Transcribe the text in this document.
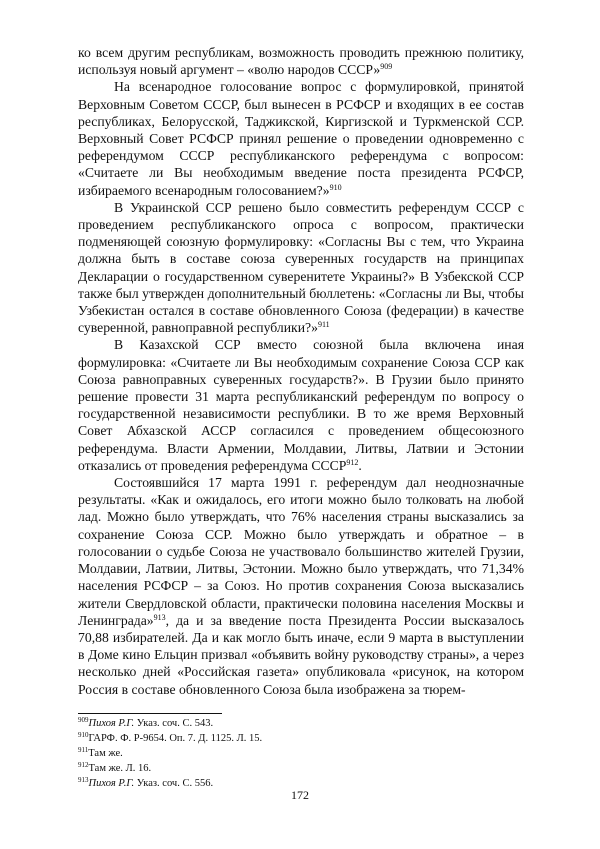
ко всем другим республикам, возможность проводить прежнюю политику, используя новый аргумент – «волю народов СССР»$^{909}$

На всенародное голосование вопрос с формулировкой, принятой Верховным Советом СССР, был вынесен в РСФСР и входящих в ее состав республиках, Белорусской, Таджикской, Киргизской и Туркменской ССР. Верховный Совет РСФСР принял решение о проведении одновременно с референдумом СССР республиканского референдума с вопросом: «Считаете ли Вы необходимым введение поста президента РСФСР, избираемого всенародным голосованием?»$^{910}$

В Украинской ССР решено было совместить референдум СССР с проведением республиканского опроса с вопросом, практически подменяющей союзную формулировку: «Согласны Вы с тем, что Украина должна быть в составе союза суверенных государств на принципах Декларации о государственном суверенитете Украины?» В Узбекской ССР также был утвержден дополнительный бюллетень: «Согласны ли Вы, чтобы Узбекистан остался в составе обновленного Союза (федерации) в качестве суверенной, равноправной республики?»$^{911}$

В Казахской ССР вместо союзной была включена иная формулировка: «Считаете ли Вы необходимым сохранение Союза ССР как Союза равноправных суверенных государств?». В Грузии было принято решение провести 31 марта республиканский референдум по вопросу о государственной независимости республики. В то же время Верховный Совет Абхазской АССР согласился с проведением общесоюзного референдума. Власти Армении, Молдавии, Литвы, Латвии и Эстонии отказались от проведения референдума СССР$^{912}$.

Состоявшийся 17 марта 1991 г. референдум дал неоднозначные результаты. «Как и ожидалось, его итоги можно было толковать на любой лад. Можно было утверждать, что 76% населения страны высказались за сохранение Союза ССР. Можно было утверждать и обратное – в голосовании о судьбе Союза не участвовало большинство жителей Грузии, Молдавии, Латвии, Литвы, Эстонии. Можно было утверждать, что 71,34% населения РСФСР – за Союз. Но против сохранения Союза высказались жители Свердловской области, практически половина населения Москвы и Ленинграда»$^{913}$, да и за введение поста Президента России высказалось 70,88 избирателей. Да и как могло быть иначе, если 9 марта в выступлении в Доме кино Ельцин призвал «объявить войну руководству страны», а через несколько дней «Российская газета» опубликовала «рисунок, на котором Россия в составе обновленного Союза была изображена за тюрем-

$^{909}$Пихоя Р.Г. Указ. соч. С. 543.

$^{910}$ГАРФ. Ф. Р-9654. Оп. 7. Д. 1125. Л. 15.

$^{911}$Там же.

$^{912}$Там же. Л. 16.

$^{913}$Пихоя Р.Г. Указ. соч. С. 556.

172
